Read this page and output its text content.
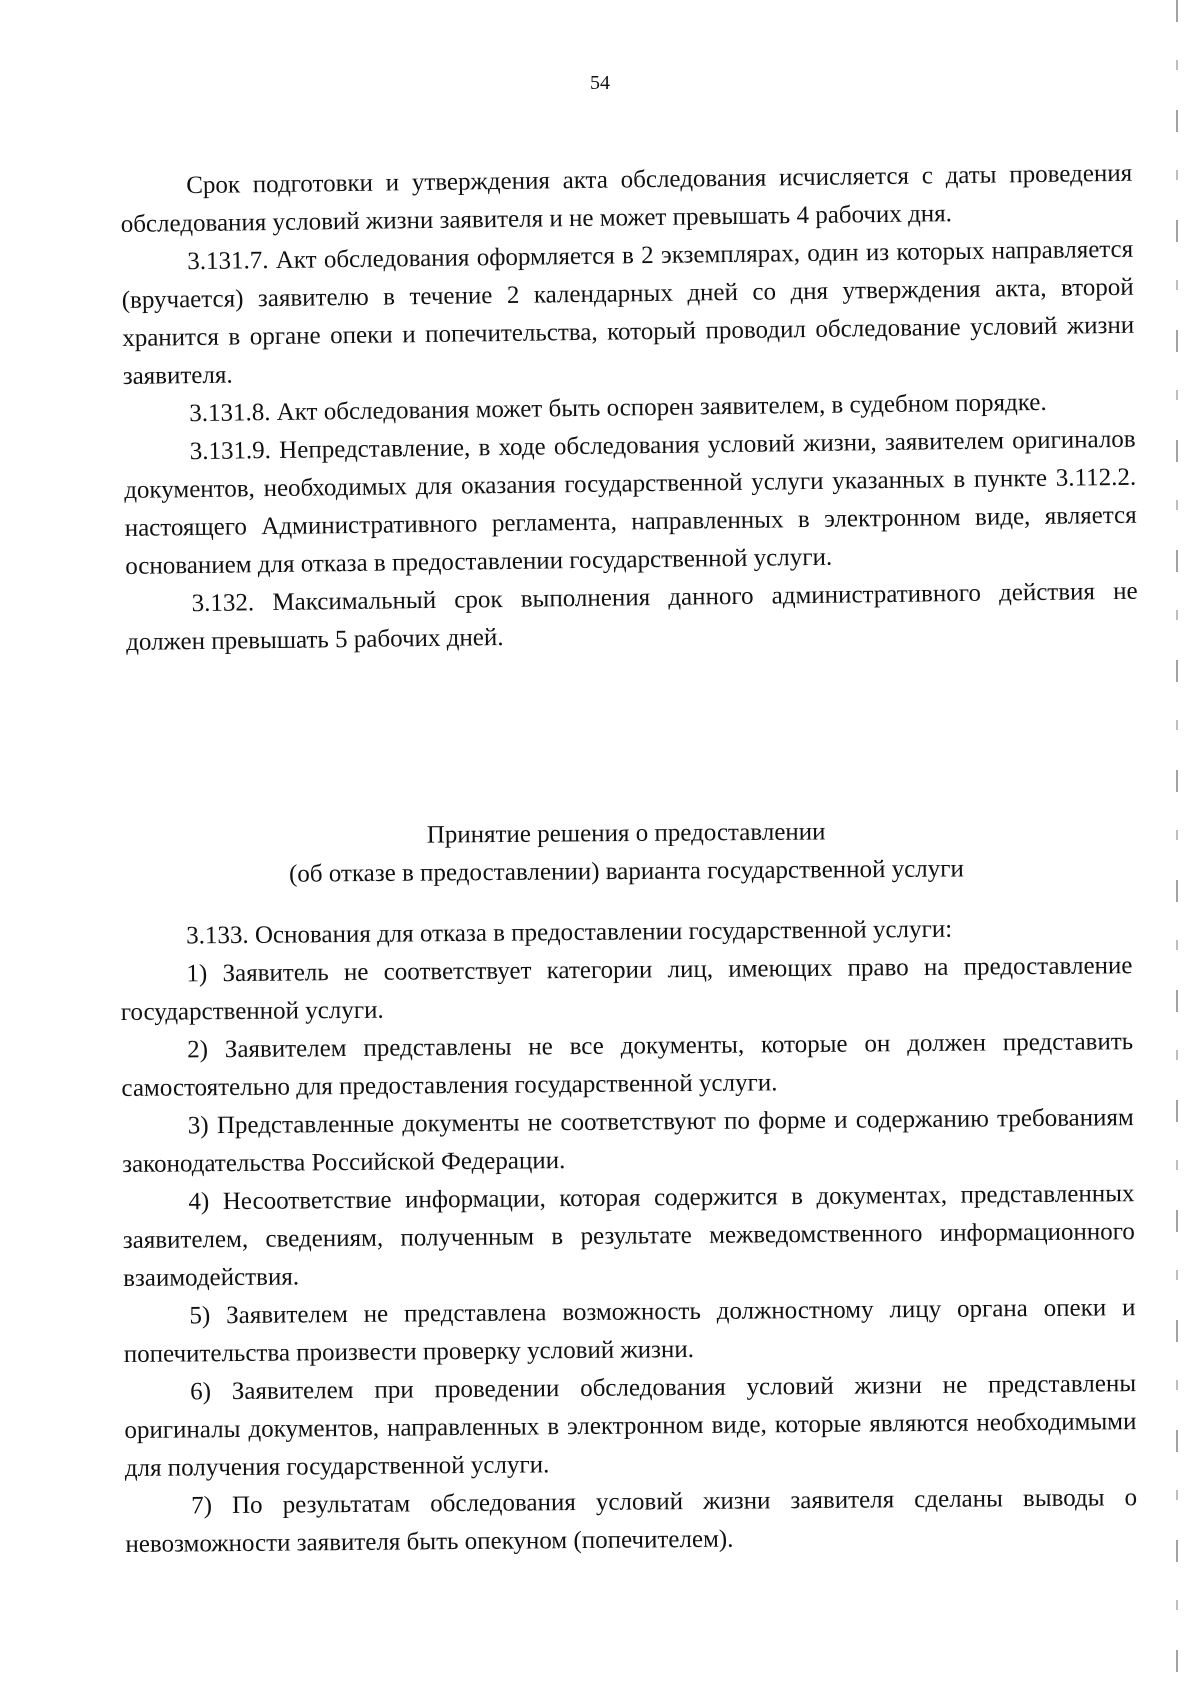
54

Срок подготовки и утверждения акта обследования исчисляется с даты проведения обследования условий жизни заявителя и не может превышать 4 рабочих дня.

3.131.7. Акт обследования оформляется в 2 экземплярах, один из которых направляется (вручается) заявителю в течение 2 календарных дней со дня утверждения акта, второй хранится в органе опеки и попечительства, который проводил обследование условий жизни заявителя.

3.131.8. Акт обследования может быть оспорен заявителем, в судебном порядке.

3.131.9. Непредставление, в ходе обследования условий жизни, заявителем оригиналов документов, необходимых для оказания государственной услуги указанных в пункте 3.112.2. настоящего Административного регламента, направленных в электронном виде, является основанием для отказа в предоставлении государственной услуги.

3.132. Максимальный срок выполнения данного административного действия не должен превышать 5 рабочих дней.

Принятие решения о предоставлении
(об отказе в предоставлении) варианта государственной услуги

3.133. Основания для отказа в предоставлении государственной услуги:

1) Заявитель не соответствует категории лиц, имеющих право на предоставление государственной услуги.

2) Заявителем представлены не все документы, которые он должен представить самостоятельно для предоставления государственной услуги.

3) Представленные документы не соответствуют по форме и содержанию требованиям законодательства Российской Федерации.

4) Несоответствие информации, которая содержится в документах, представленных заявителем, сведениям, полученным в результате межведомственного информационного взаимодействия.

5) Заявителем не представлена возможность должностному лицу органа опеки и попечительства произвести проверку условий жизни.

6) Заявителем при проведении обследования условий жизни не представлены оригиналы документов, направленных в электронном виде, которые являются необходимыми для получения государственной услуги.

7) По результатам обследования условий жизни заявителя сделаны выводы о невозможности заявителя быть опекуном (попечителем).
